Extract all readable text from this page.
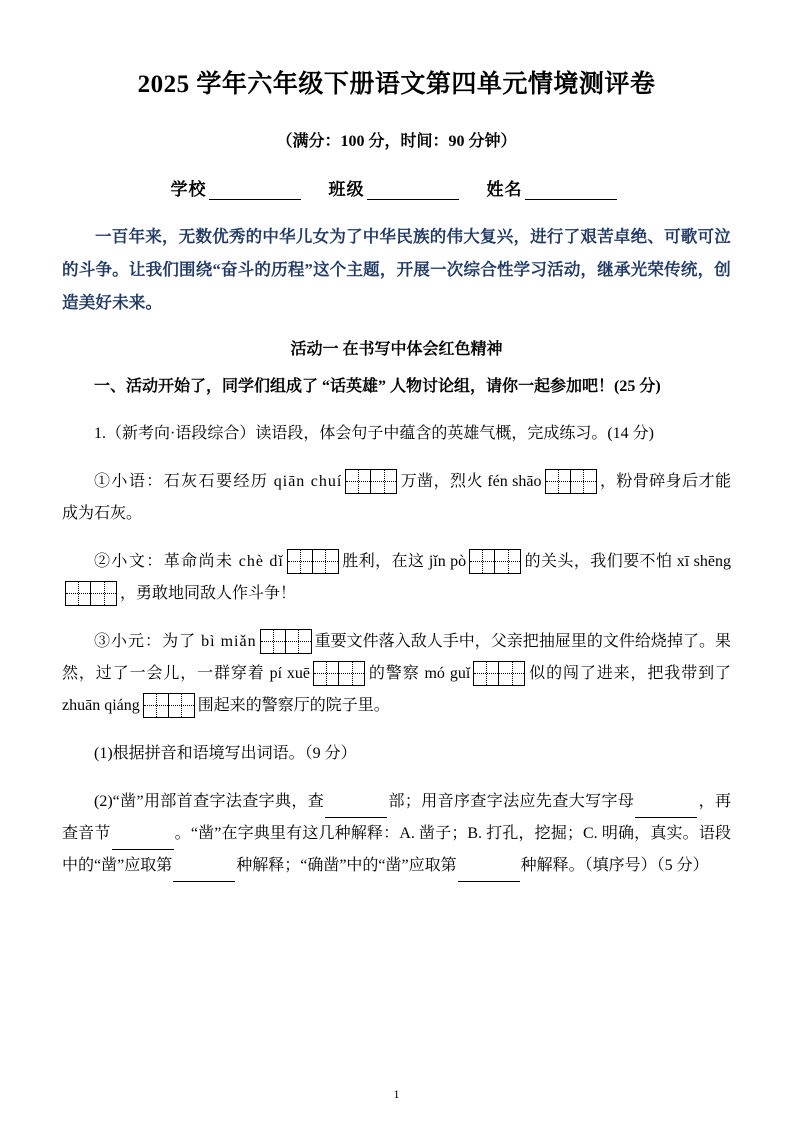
2025 学年六年级下册语文第四单元情境测评卷
（满分：100 分，时间：90 分钟）
学校	班级	姓名

一百年来，无数优秀的中华儿女为了中华民族的伟大复兴，进行了艰苦卓绝、可歌可泣的斗争。让我们围绕“奋斗的历程”这个主题，开展一次综合性学习活动，继承光荣传统，创造美好未来。

活动一 在书写中体会红色精神

一、活动开始了，同学们组成了 “话英雄” 人物讨论组，请你一起参加吧！(25 分)

1.（新考向·语段综合）读语段，体会句子中蕴含的英雄气概，完成练习。(14 分)

①小语：石灰石要经历 qiān chuí	万凿，烈火 fén shāo	，粉骨碎身后才能成为石灰。

②小文：革命尚未 chè dǐ	胜利，在这 jǐn pò	的关头，我们要不怕 xī shēng
，勇敢地同敌人作斗争！

③小元：为了 bì miǎn	重要文件落入敌人手中，父亲把抽屉里的文件给烧掉了。果然，过了一会儿，一群穿着 pí xuē	的警察 mó guǐ	似的闯了进来，把我带到了 zhuān qiáng	围起来的警察厅的院子里。

(1)根据拼音和语境写出词语。（9 分）

(2)“凿”用部首查字法查字典，查	部；用音序查字法应先查大写字母	，再查音节	。“凿”在字典里有这几种解释：A. 凿子；B. 打孔，挖掘；C. 明确，真实。语段中的“凿”应取第	种解释；“确凿”中的“凿”应取第	种解释。（填序号）（5 分）

1
